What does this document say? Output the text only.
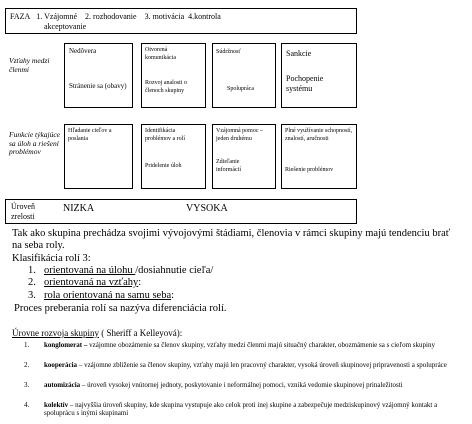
FAZA 1. Vzájomné 2. rozhodovanie 3. motivácia 4.kontrola
akceptovanie
Vzťahy medzi členmi
Nedôvera
Stránenie sa (obavy)
Otvorená komunikácia
Rozvoj analosti o členoch skupiny
Súdržnosť
Spolupráca
Sankcie
Pochopenie systému
Funkcie týkajúce sa úloh a riešení problémov
Hľadanie cieľov a poslania
Identifikácia problémov a rolí
Pridelenie úloh
Vzájomná pomoc – jeden druhému
Zdieľanie informácií
Plné využívanie schopností, znalostí, aručnosti
Riešenie problémov
Úroveň zrelosti
NIZKA	VYSOKA
Tak ako skupina prechádza svojimi vývojovými štádiami, členovia v rámci skupiny majú tendenciu brať na seba roly.
Klasifikácia rolí 3:
1. orientovaná na úlohu /dosiahnutie cieľa/
2. orientovaná na vzťahy:
3. rola orientovaná na samu seba:
Proces preberania rolí sa nazýva diferenciácia rolí.
Úrovne rozvoja skupiny ( Sheriff a Kelleyová):
1. konglomerat – vzájomne obozámenie sa členov skupiny, vzťahy medzi členmi majú situačný charakter, obozmámenie sa s cieľom skupiny
2. kooperácia – vzájomne zbliženie sa členov skupiny, vzťahy majú len pracovný charakter, vysoká úroveň skupinovej pripravenosti a spolupráce
3. automizácia – úroveň vysokej vnútornej jednoty, poskytovanie i neformálnej pomoci, vzniká vedomie skupinovej prinaležitosti
4. kolektív – najvyššia úroveň skupiny, kde skupina vystupuje ako celok proti inej skupine a zabezpečuje medziskupinový vzájomný kontakt a spoluprácu s inými skupinami
